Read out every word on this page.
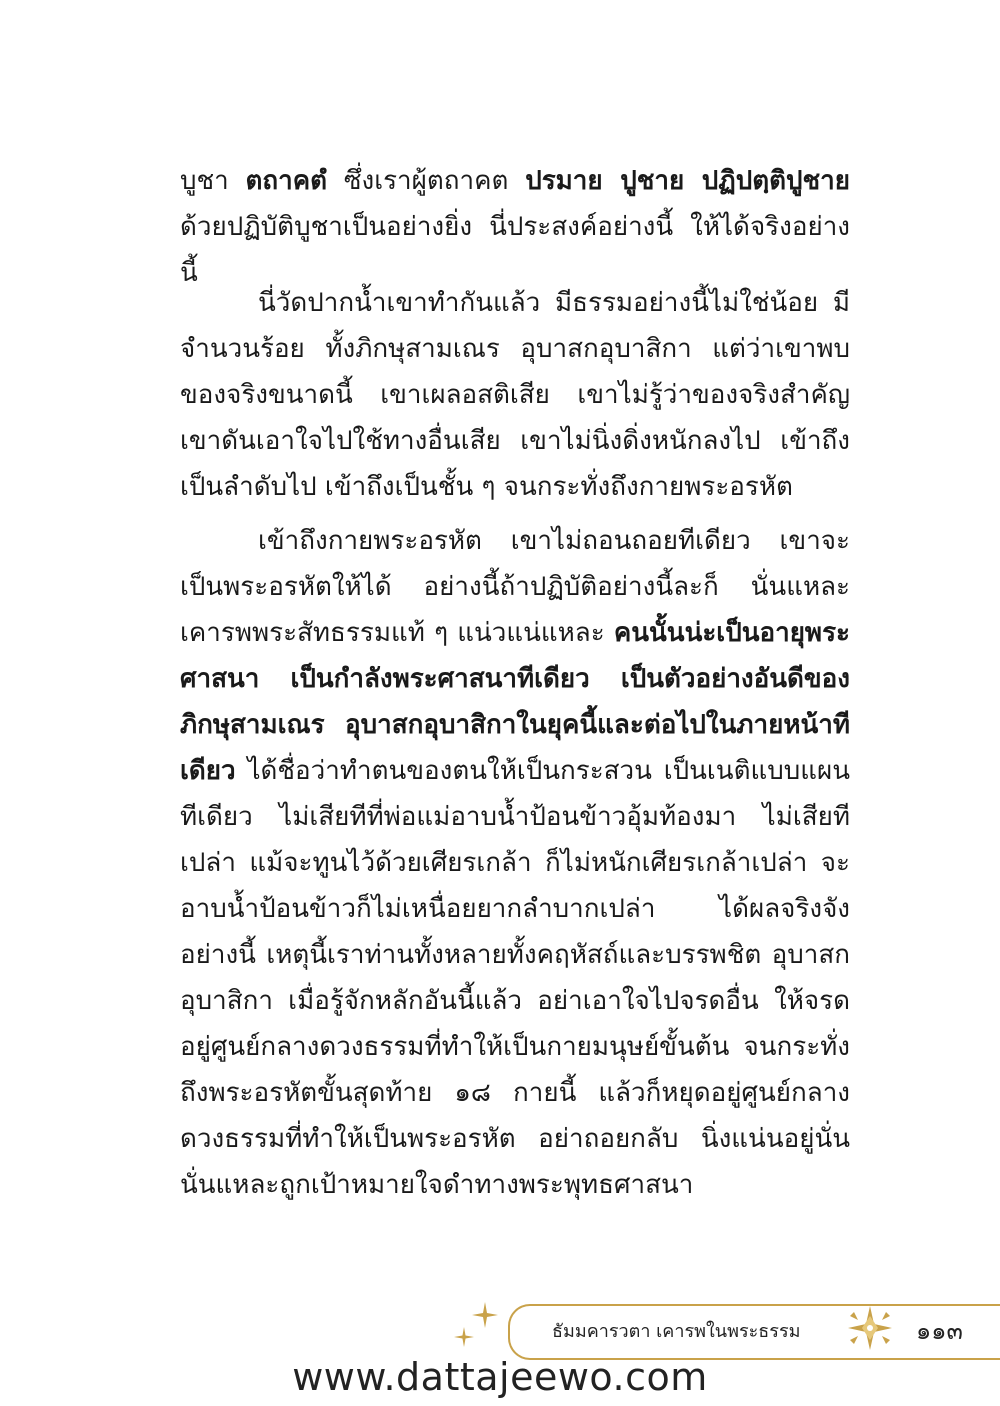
บูชา ตถาคตํ ซึ่งเราผู้ตถาคต ปรมาย ปูชาย ปฏิปตฺติปูชาย ด้วยปฏิบัติบูชาเป็นอย่างยิ่ง นี่ประสงค์อย่างนี้ ให้ได้จริงอย่างนี้

นี่วัดปากน้ำเขาทำกันแล้ว มีธรรมอย่างนี้ไม่ใช่น้อย มีจำนวนร้อย ทั้งภิกษุสามเณร อุบาสกอุบาสิกา แต่ว่าเขาพบของจริงขนาดนี้ เขาเผลอสติเสีย เขาไม่รู้ว่าของจริงสำคัญ เขาดันเอาใจไปใช้ทางอื่นเสีย เขาไม่นิ่งดิ่งหนักลงไป เข้าถึงเป็นลำดับไป เข้าถึงเป็นชั้น ๆ จนกระทั่งถึงกายพระอรหัต

เข้าถึงกายพระอรหัต เขาไม่ถอนถอยทีเดียว เขาจะเป็นพระอรหัตให้ได้ อย่างนี้ถ้าปฏิบัติอย่างนี้ละก็ นั่นแหละเคารพพระสัทธรรมแท้ ๆ แน่วแน่แหละ คนนั้นน่ะเป็นอายุพระศาสนา เป็นกำลังพระศาสนาทีเดียว เป็นตัวอย่างอันดีของภิกษุสามเณร อุบาสกอุบาสิกาในยุคนี้และต่อไปในภายหน้าทีเดียว ได้ชื่อว่าทำตนของตนให้เป็นกระสวน เป็นเนติแบบแผนทีเดียว ไม่เสียทีที่พ่อแม่อาบน้ำป้อนข้าวอุ้มท้องมา ไม่เสียทีเปล่า แม้จะทูนไว้ด้วยเศียรเกล้า ก็ไม่หนักเศียรเกล้าเปล่า จะอาบน้ำป้อนข้าวก็ไม่เหนื่อยยากลำบากเปล่า ได้ผลจริงจังอย่างนี้ เหตุนี้เราท่านทั้งหลายทั้งคฤหัสถ์และบรรพชิต อุบาสกอุบาสิกา เมื่อรู้จักหลักอันนี้แล้ว อย่าเอาใจไปจรดอื่น ให้จรดอยู่ศูนย์กลางดวงธรรมที่ทำให้เป็นกายมนุษย์ขั้นต้น จนกระทั่งถึงพระอรหัตขั้นสุดท้าย ๑๘ กายนี้ แล้วก็หยุดอยู่ศูนย์กลางดวงธรรมที่ทำให้เป็นพระอรหัต อย่าถอยกลับ นิ่งแน่นอยู่นั่น นั่นแหละถูกเป้าหมายใจดำทางพระพุทธศาสนา

ธัมมคารวตา เคารพในพระธรรม	๑๑๓
www.dattajeewo.com
